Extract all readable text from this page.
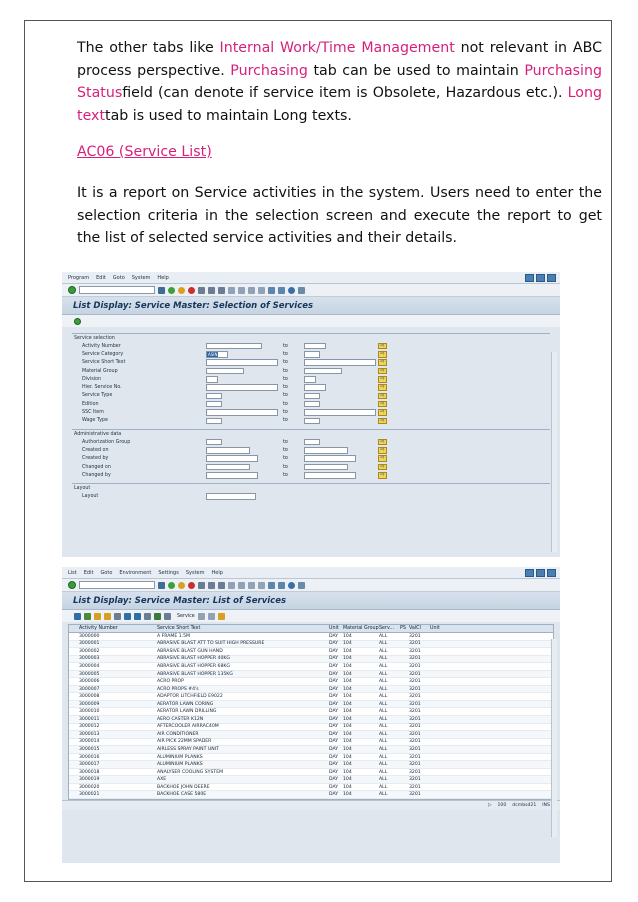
The other tabs like Internal Work/Time Management not relevant in ABC process perspective. Purchasing tab can be used to maintain Purchasing Statusfield (can denote if service item is Obsolete, Hazardous etc.). Long texttab is used to maintain Long texts.

AC06 (Service List)

It is a report on Service activities in the system. Users need to enter the selection criteria in the selection screen and execute the report to get the list of selected service activities and their details.

Program Edit Goto System Help
List Display: Service Master: Selection of Services
Service selection
Activity Number	to	⇨
Service Category	ASIN	to	⇨
Service Short Text	to	⇨
Material Group	to	⇨
Division	to	⇨
Hier. Service No.	to	⇨
Service Type	to	⇨
Edition	to	⇨
SSC Item	to	⇨
Wage Type	to	⇨
Administrative data
Authorization Group	to	⇨
Created on	to	⇨
Created by	to	⇨
Changed on	to	⇨
Changed by	to	⇨
Layout
Layout
List Edit Goto Environment Settings System Help
List Display: Service Master: List of Services
Service
Activity Number	Service Short Text	Unit Material Group Serv...	PS ValCl	Unit
3000000	A FRAME 1.5M	DAY	104	ALL	3201
3000001	ABRASIVE BLAST ATT TO SUIT HIGH PRESSURE	DAY	104	ALL	3201
3000002	ABRASIVE BLAST GUN HAND	DAY	104	ALL	3201
3000003	ABRASIVE BLAST HOPPER 40KG	DAY	104	ALL	3201
3000004	ABRASIVE BLAST HOPPER 68KG	DAY	104	ALL	3201
3000005	ABRASIVE BLAST HOPPER 135KG	DAY	104	ALL	3201
3000006	ACRO PROP	DAY	104	ALL	3201
3000007	ACRO PROPS #4's	DAY	104	ALL	3201
3000008	ADAPTOR LITCHFIELD E9022	DAY	104	ALL	3201
3000009	AERATOR LAWN CORING	DAY	104	ALL	3201
3000010	AERATOR LAWN DRILLING	DAY	104	ALL	3201
3000011	AERO CASTER K12N	DAY	104	ALL	3201
3000012	AFTERCOOLER AIRRAC40M	DAY	104	ALL	3201
3000013	AIR CONDITIONER	DAY	104	ALL	3201
3000014	AIR PICK 22MM SPADER	DAY	104	ALL	3201
3000015	AIRLESS SPRAY PAINT UNIT	DAY	104	ALL	3201
3000016	ALUMINIUM PLANKS	DAY	104	ALL	3201
3000017	ALUMINIUM PLANKS	DAY	104	ALL	3201
3000018	ANALYSER COOLING SYSTEM	DAY	104	ALL	3201
3000019	AXE	DAY	104	ALL	3201
3000020	BACKHOE JOHN DEERE	DAY	104	ALL	3201
3000021	BACKHOE CASE 580E	DAY	104	ALL	3201
▷ 100 dcmbsd21 INS
